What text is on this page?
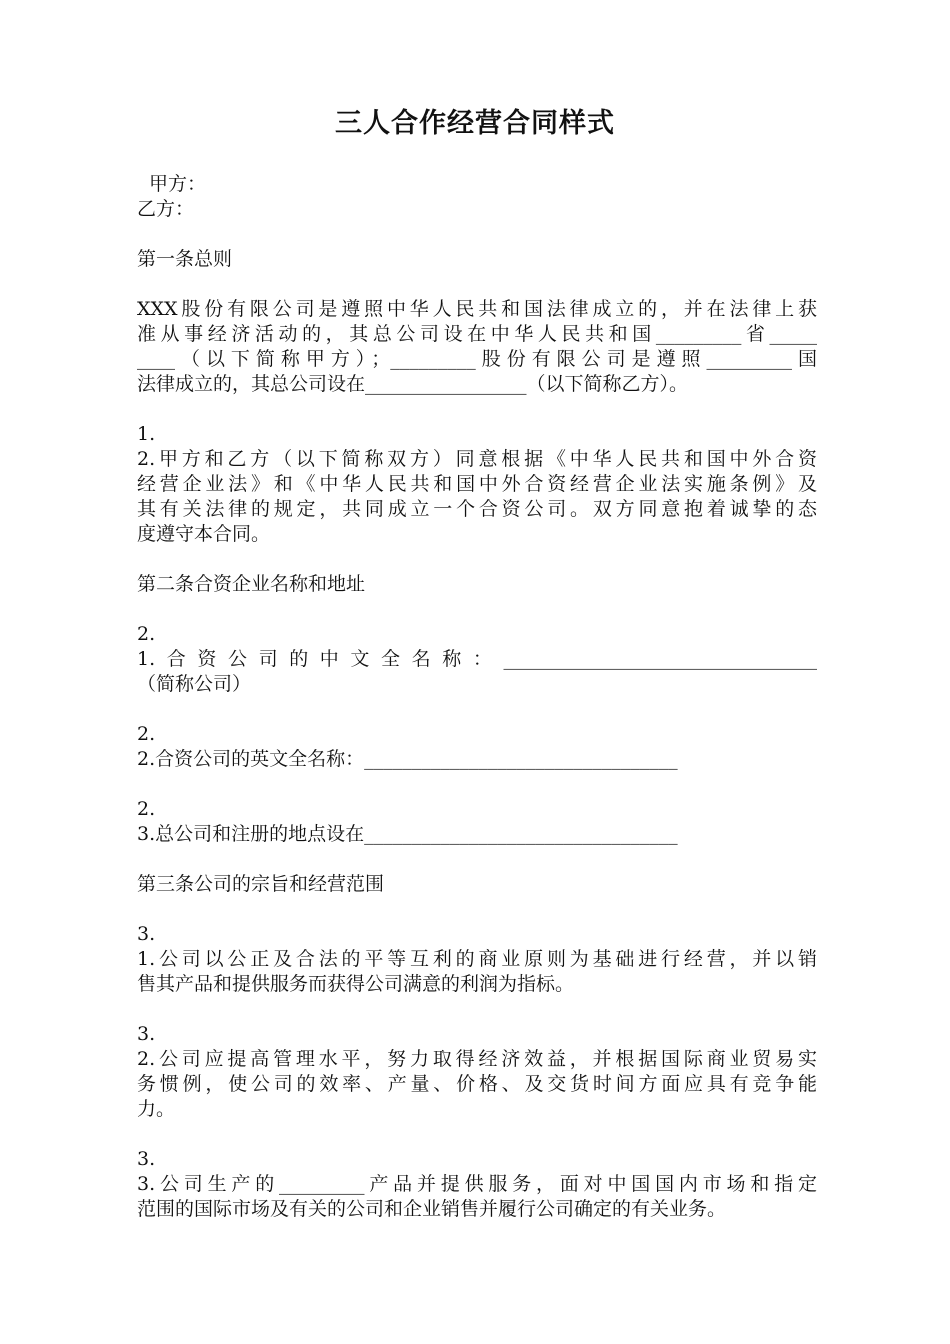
三人合作经营合同样式
甲方：
乙方：
第一条总则
XXX股份有限公司是遵照中华人民共和国法律成立的，并在法律上获
准从事经济活动的，其总公司设在中华人民共和国_________省_____
____（以下简称甲方）；_________股份有限公司是遵照_________国
法律成立的，其总公司设在_________________（以下简称乙方）。
1.
2.甲方和乙方（以下简称双方）同意根据《中华人民共和国中外合资
经营企业法》和《中华人民共和国中外合资经营企业法实施条例》及
其有关法律的规定，共同成立一个合资公司。双方同意抱着诚挚的态
度遵守本合同。
第二条合资企业名称和地址
2.
1.合资公司的中文全名称：_________________________________
（简称公司）
2.
2.合资公司的英文全名称：_________________________________
2.
3.总公司和注册的地点设在_________________________________
第三条公司的宗旨和经营范围
3.
1.公司以公正及合法的平等互利的商业原则为基础进行经营，并以销
售其产品和提供服务而获得公司满意的利润为指标。
3.
2.公司应提高管理水平，努力取得经济效益，并根据国际商业贸易实
务惯例，使公司的效率、产量、价格、及交货时间方面应具有竞争能
力。
3.
3.公司生产的_________产品并提供服务，面对中国国内市场和指定
范围的国际市场及有关的公司和企业销售并履行公司确定的有关业务。
